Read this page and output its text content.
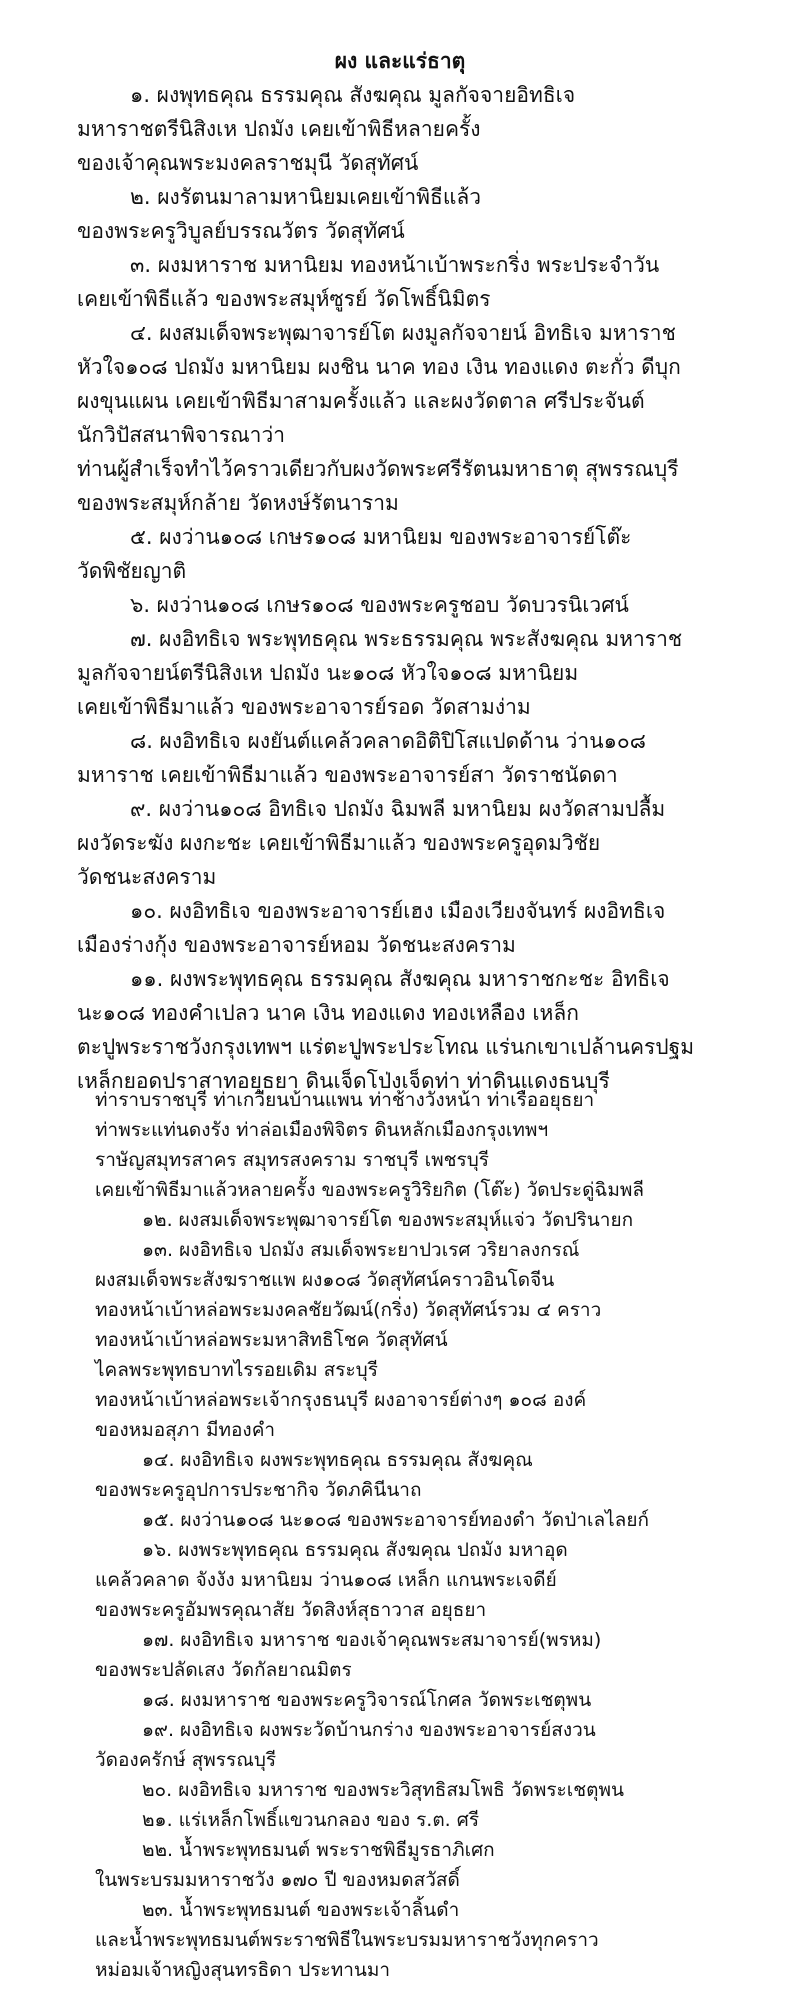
ผง และแร่ธาตุ
๑. ผงพุทธคุณ ธรรมคุณ สังฆคุณ มูลกัจจายอิทธิเจ
มหาราชตรีนิสิงเห ปถมัง เคยเข้าพิธีหลายครั้ง
ของเจ้าคุณพระมงคลราชมุนี วัดสุทัศน์
๒. ผงรัตนมาลามหานิยมเคยเข้าพิธีแล้ว
ของพระครูวิบูลย์บรรณวัตร วัดสุทัศน์
๓. ผงมหาราช มหานิยม ทองหน้าเบ้าพระกริ่ง พระประจำวัน
เคยเข้าพิธีแล้ว ของพระสมุห์ซูรย์ วัดโพธิ์นิมิตร
๔. ผงสมเด็จพระพุฒาจารย์โต ผงมูลกัจจายน์ อิทธิเจ มหาราช
หัวใจ๑๐๘ ปถมัง มหานิยม ผงชิน นาค ทอง เงิน ทองแดง ตะกั่ว ดีบุก
ผงขุนแผน เคยเข้าพิธีมาสามครั้งแล้ว และผงวัดตาล ศรีประจันต์
นักวิปัสสนาพิจารณาว่า
ท่านผู้สำเร็จทำไว้คราวเดียวกับผงวัดพระศรีรัตนมหาธาตุ สุพรรณบุรี
ของพระสมุห์กล้าย วัดหงษ์รัตนาราม
๕. ผงว่าน๑๐๘ เกษร๑๐๘ มหานิยม ของพระอาจารย์โต๊ะ
วัดพิชัยญาติ
๖. ผงว่าน๑๐๘ เกษร๑๐๘ ของพระครูชอบ วัดบวรนิเวศน์
๗. ผงอิทธิเจ พระพุทธคุณ พระธรรมคุณ พระสังฆคุณ มหาราช
มูลกัจจายน์ตรีนิสิงเห ปถมัง นะ๑๐๘ หัวใจ๑๐๘ มหานิยม
เคยเข้าพิธีมาแล้ว ของพระอาจารย์รอด วัดสามง่าม
๘. ผงอิทธิเจ ผงยันต์แคล้วคลาดอิติปิโสแปดด้าน ว่าน๑๐๘
มหาราช เคยเข้าพิธีมาแล้ว ของพระอาจารย์สา วัดราชนัดดา
๙. ผงว่าน๑๐๘ อิทธิเจ ปถมัง ฉิมพลี มหานิยม ผงวัดสามปลื้ม
ผงวัดระฆัง ผงกะชะ เคยเข้าพิธีมาแล้ว ของพระครูอุดมวิชัย
วัดชนะสงคราม
๑๐. ผงอิทธิเจ ของพระอาจารย์เฮง เมืองเวียงจันทร์ ผงอิทธิเจ
เมืองร่างกุ้ง ของพระอาจารย์หอม วัดชนะสงคราม
๑๑. ผงพระพุทธคุณ ธรรมคุณ สังฆคุณ มหาราชกะชะ อิทธิเจ
นะ๑๐๘ ทองคำเปลว นาค เงิน ทองแดง ทองเหลือง เหล็ก
ตะปูพระราชวังกรุงเทพฯ แร่ตะปูพระประโทณ แร่นกเขาเปล้านครปฐม
เหล็กยอดปราสาทอยุธยา ดินเจ็ดโป่งเจ็ดท่า ท่าดินแดงธนบุรี
ท่าราบราชบุรี ท่าเกวียนบ้านแพน ท่าช้างวังหน้า ท่าเรืออยุธยา
ท่าพระแท่นดงรัง ท่าล่อเมืองพิจิตร ดินหลักเมืองกรุงเทพฯ
ราษัญสมุทรสาคร สมุทรสงคราม ราชบุรี เพชรบุรี
เคยเข้าพิธีมาแล้วหลายครั้ง ของพระครูวิริยกิต (โต๊ะ) วัดประดู่ฉิมพลี
๑๒. ผงสมเด็จพระพุฒาจารย์โต ของพระสมุห์แจ่ว วัดปรินายก
๑๓. ผงอิทธิเจ ปถมัง สมเด็จพระยาปวเรศ วริยาลงกรณ์
ผงสมเด็จพระสังฆราชแพ ผง๑๐๘ วัดสุทัศน์คราวอินโดจีน
ทองหน้าเบ้าหล่อพระมงคลชัยวัฒน์(กริ่ง) วัดสุทัศน์รวม ๔ คราว
ทองหน้าเบ้าหล่อพระมหาสิทธิโชค วัดสุทัศน์
ไคลพระพุทธบาทไรรอยเดิม สระบุรี
ทองหน้าเบ้าหล่อพระเจ้ากรุงธนบุรี ผงอาจารย์ต่างๆ ๑๐๘ องค์
ของหมอสุภา มีทองคำ
๑๔. ผงอิทธิเจ ผงพระพุทธคุณ ธรรมคุณ สังฆคุณ
ของพระครูอุปการประชากิจ วัดภคินีนาถ
๑๕. ผงว่าน๑๐๘ นะ๑๐๘ ของพระอาจารย์ทองดำ วัดป่าเลไลยก์
๑๖. ผงพระพุทธคุณ ธรรมคุณ สังฆคุณ ปถมัง มหาอุด
แคล้วคลาด จังงัง มหานิยม ว่าน๑๐๘ เหล็ก แกนพระเจดีย์
ของพระครูอัมพรคุณาสัย วัดสิงห์สุธาวาส อยุธยา
๑๗. ผงอิทธิเจ มหาราช ของเจ้าคุณพระสมาจารย์(พรหม)
ของพระปลัดเสง วัดกัลยาณมิตร
๑๘. ผงมหาราช ของพระครูวิจารณ์โกศล วัดพระเชตุพน
๑๙. ผงอิทธิเจ ผงพระวัดบ้านกร่าง ของพระอาจารย์สงวน
วัดองครักษ์ สุพรรณบุรี
๒๐. ผงอิทธิเจ มหาราช ของพระวิสุทธิสมโพธิ วัดพระเชตุพน
๒๑. แร่เหล็กโพธิ์แขวนกลอง ของ ร.ต. ศรี
๒๒. น้ำพระพุทธมนต์ พระราชพิธีมูรธาภิเศก
ในพระบรมมหาราชวัง ๑๗๐ ปี ของหมดสวัสดิ์
๒๓. น้ำพระพุทธมนต์ ของพระเจ้าลิ้นดำ
และน้ำพระพุทธมนต์พระราชพิธีในพระบรมมหาราชวังทุกคราว
หม่อมเจ้าหญิงสุนทรธิดา ประทานมา
